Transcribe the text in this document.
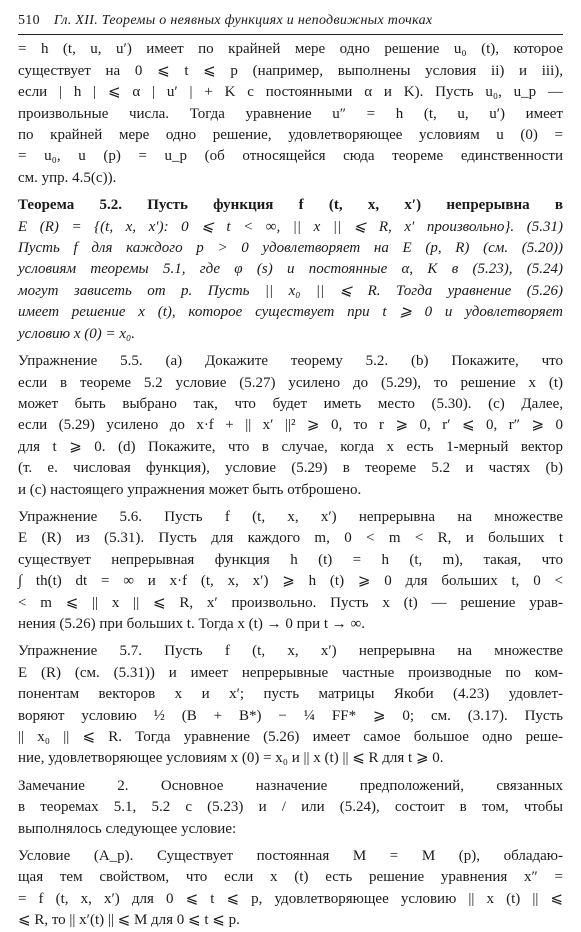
510 Гл. XII. Теоремы о неявных функциях и неподвижных точках
= h (t, u, u′) имеет по крайней мере одно решение u₀ (t), которое
существует на 0 ⩽ t ⩽ p (например, выполнены условия ii) и iii),
если | h | ⩽ α | u′ | + K с постоянными α и K). Пусть u₀, u_p —
произвольные числа. Тогда уравнение u″ = h (t, u, u′) имеет
по крайней мере одно решение, удовлетворяющее условиям u (0) =
= u₀, u (p) = u_p (об относящейся сюда теореме единственности
см. упр. 4.5(c)).
Теорема 5.2. Пусть функция f (t, x, x′) непрерывна в
E (R) = {(t, x, x′): 0 ⩽ t < ∞, || x || ⩽ R, x′ произвольно}. (5.31)
Пусть f для каждого p > 0 удовлетворяет на E (p, R) (см. (5.20))
условиям теоремы 5.1, где φ (s) и постоянные α, K в (5.23), (5.24)
могут зависеть от p. Пусть || x₀ || ⩽ R. Тогда уравнение (5.26)
имеет решение x (t), которое существует при t ⩾ 0 и удовлетворяет
условию x (0) = x₀.
Упражнение 5.5. (a) Докажите теорему 5.2. (b) Покажите, что
если в теореме 5.2 условие (5.27) усилено до (5.29), то решение x (t)
может быть выбрано так, что будет иметь место (5.30). (c) Далее,
если (5.29) усилено до x·f + || x′ ||² ⩾ 0, то r ⩾ 0, r′ ⩽ 0, r″ ⩾ 0
для t ⩾ 0. (d) Покажите, что в случае, когда x есть 1-мерный вектор
(т. е. числовая функция), условие (5.29) в теореме 5.2 и частях (b)
и (c) настоящего упражнения может быть отброшено.
Упражнение 5.6. Пусть f (t, x, x′) непрерывна на множестве
E (R) из (5.31). Пусть для каждого m, 0 < m < R, и больших t
существует непрерывная функция h (t) = h (t, m), такая, что
∫ th(t) dt = ∞ и x·f (t, x, x′) ⩾ h (t) ⩾ 0 для больших t, 0 <
< m ⩽ || x || ⩽ R, x′ произвольно. Пусть x (t) — решение урав-
нения (5.26) при больших t. Тогда x (t) → 0 при t → ∞.
Упражнение 5.7. Пусть f (t, x, x′) непрерывна на множестве
E (R) (см. (5.31)) и имеет непрерывные частные производные по ком-
понентам векторов x и x′; пусть матрицы Якоби (4.23) удовлет-
воряют условию ½ (B + B*) − ¼ FF* ⩾ 0; см. (3.17). Пусть
|| x₀ || ⩽ R. Тогда уравнение (5.26) имеет самое большое одно реше-
ние, удовлетворяющее условиям x (0) = x₀ и || x (t) || ⩽ R для t ⩾ 0.
Замечание 2. Основное назначение предположений, связанных
в теоремах 5.1, 5.2 с (5.23) и / или (5.24), состоит в том, чтобы
выполнялось следующее условие:
Условие (A_p). Существует постоянная M = M (p), обладаю-
щая тем свойством, что если x (t) есть решение уравнения x″ =
= f (t, x, x′) для 0 ⩽ t ⩽ p, удовлетворяющее условию || x (t) || ⩽
⩽ R, то || x′(t) || ⩽ M для 0 ⩽ t ⩽ p.
